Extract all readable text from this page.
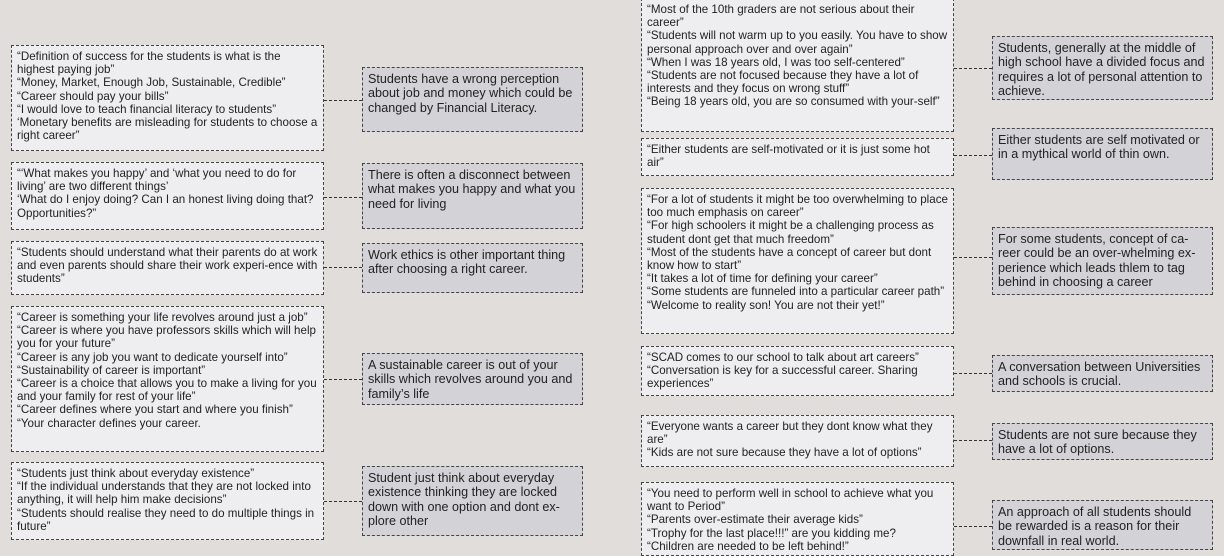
“Definition of success for the students is what is the highest paying job”
“Money, Market, Enough Job, Sustainable, Credible”
“Career should pay your bills”
“I would love to teach financial literacy to students”
‘Monetary benefits are misleading for students to choose a right career”
Students have a wrong perception about job and money which could be changed by Financial Literacy.
“‘What makes you happy’ and ‘what you need to do for living’ are two different things’
‘What do I enjoy doing? Can I an honest living doing that? Opportunities?”
There is often a disconnect between what makes you happy and what you need for living
“Students should understand what their parents do at work and even parents should share their work experi-ence with students”
Work ethics is other important thing after choosing a right career.
“Career is something your life revolves around just a job”
“Career is where you have professors skills which will help you for your future”
“Career is any job you want to dedicate yourself into”
“Sustainability of career is important”
“Career is a choice that allows you to make a living for you and your family for rest of your life”
“Career defines where you start and where you finish”
“Your character defines your career.
A sustainable career is out of your skills which revolves around you and family’s life
“Students just think about everyday existence”
“If the individual understands that they are not locked into anything, it will help him make decisions”
“Students should realise they need to do multiple things in future”
Student just think about everyday existence thinking they are locked down with one option and dont ex-plore other
“Most of the 10th graders are not serious about their career”
“Students will not warm up to you easily. You have to show personal approach over and over again”
“When I was 18 years old, I was too self-centered”
“Students are not focused because they have a lot of interests and they focus on wrong stuff”
“Being 18 years old, you are so consumed with your-self”
Students, generally at the middle of high school have a divided focus and requires a lot of personal attention to achieve.
“Either students are self-motivated or it is just some hot air”
Either students are self motivated or in a mythical world of thin own.
“For a lot of students it might be too overwhelming to place too much emphasis on career”
“For high schoolers it might be a challenging process as student dont get that much freedom”
“Most of the students have a concept of career but dont know how to start”
“It takes a lot of time for defining your career”
“Some students are funneled into a particular career path”
“Welcome to reality son! You are not their yet!”
For some students, concept of ca-reer could be an over-whelming ex-perience which leads thlem to tag behind in choosing a career
“SCAD comes to our school to talk about art careers”
“Conversation is key for a successful career. Sharing experiences”
A conversation between Universities and schools is crucial.
“Everyone wants a career but they dont know what they are”
“Kids are not sure because they have a lot of options”
Students are not sure because they have a lot of options.
“You need to perform well in school to achieve what you want to Period”
“Parents over-estimate their average kids”
“Trophy for the last place!!!” are you kidding me?
“Children are needed to be left behind!”
An approach of all students should be rewarded is a reason for their downfall in real world.
